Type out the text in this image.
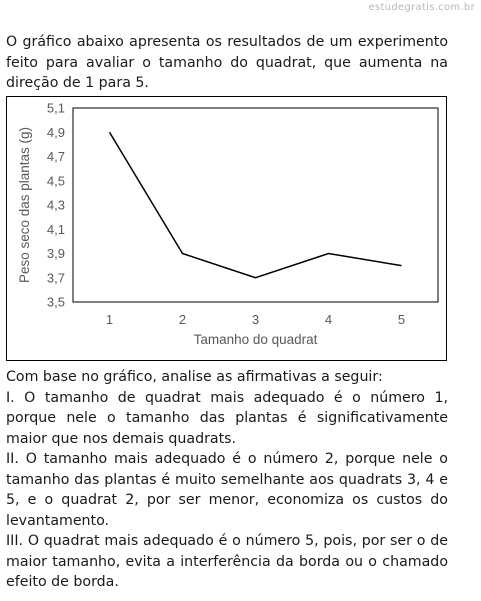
estudegratis.com.br

O gráfico abaixo apresenta os resultados de um experimento feito para avaliar o tamanho do quadrat, que aumenta na direção de 1 para 5.

5,1
4,9
4,7
4,5
4,3
4,1
3,9
3,7
3,5
1	2	3	4	5
Peso seco das plantas (g)
Tamanho do quadrat

Com base no gráfico, analise as afirmativas a seguir:

I. O tamanho de quadrat mais adequado é o número 1, porque nele o tamanho das plantas é significativamente maior que nos demais quadrats.

II. O tamanho mais adequado é o número 2, porque nele o tamanho das plantas é muito semelhante aos quadrats 3, 4 e 5, e o quadrat 2, por ser menor, economiza os custos do levantamento.

III. O quadrat mais adequado é o número 5, pois, por ser o de maior tamanho, evita a interferência da borda ou o chamado efeito de borda.
